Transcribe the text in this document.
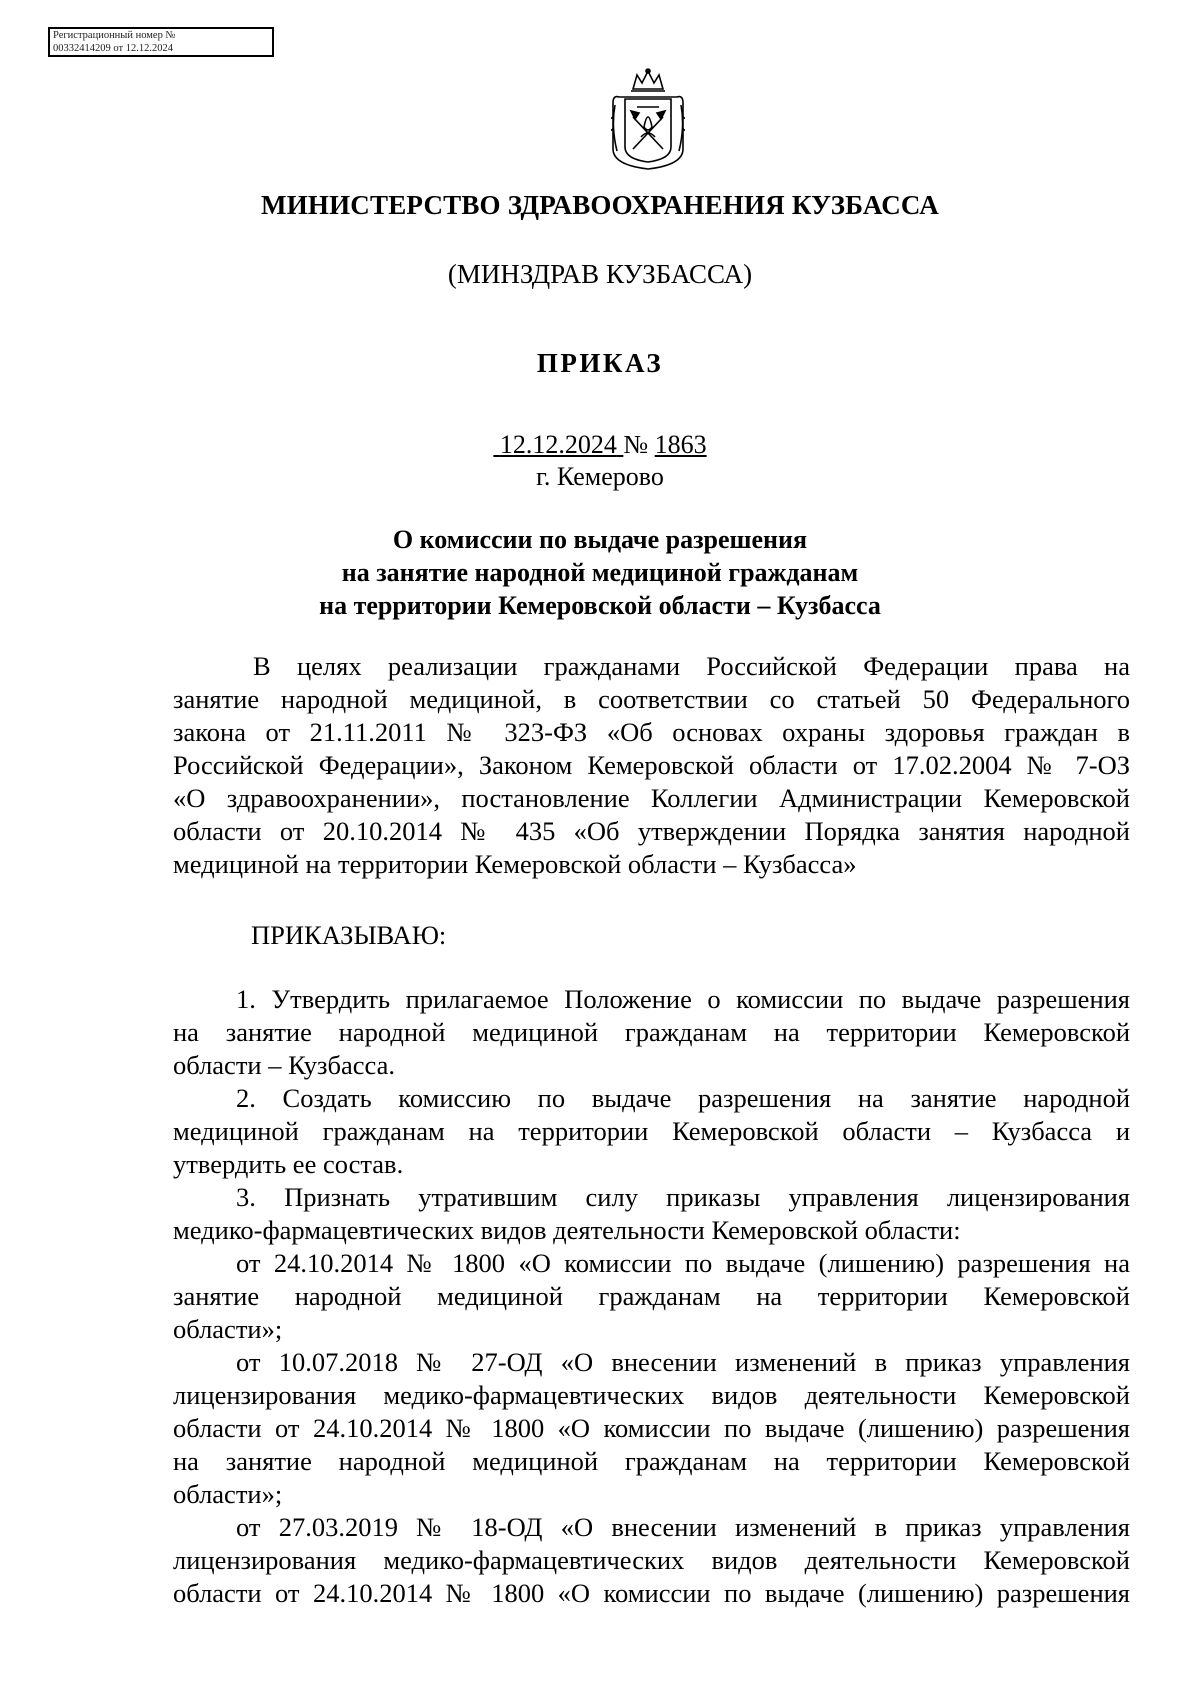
Регистрационный номер №
00332414209 от 12.12.2024
МИНИСТЕРСТВО ЗДРАВООХРАНЕНИЯ КУЗБАССА
(МИНЗДРАВ КУЗБАССА)
ПРИКАЗ
12.12.2024 № 1863
г. Кемерово
О комиссии по выдаче разрешения
на занятие народной медициной гражданам
на территории Кемеровской области – Кузбасса
В целях реализации гражданами Российской Федерации права на
занятие народной медициной, в соответствии со статьей 50 Федерального
закона от 21.11.2011 № 323-ФЗ «Об основах охраны здоровья граждан в
Российской Федерации», Законом Кемеровской области от 17.02.2004 № 7-ОЗ
«О здравоохранении», постановление Коллегии Администрации Кемеровской
области от 20.10.2014 № 435 «Об утверждении Порядка занятия народной
медициной на территории Кемеровской области – Кузбасса»
ПРИКАЗЫВАЮ:
1. Утвердить прилагаемое Положение о комиссии по выдаче разрешения
на занятие народной медициной гражданам на территории Кемеровской
области – Кузбасса.
2. Создать комиссию по выдаче разрешения на занятие народной
медициной гражданам на территории Кемеровской области – Кузбасса и
утвердить ее состав.
3. Признать утратившим силу приказы управления лицензирования
медико-фармацевтических видов деятельности Кемеровской области:
от 24.10.2014 № 1800 «О комиссии по выдаче (лишению) разрешения на
занятие народной медициной гражданам на территории Кемеровской
области»;
от 10.07.2018 № 27-ОД «О внесении изменений в приказ управления
лицензирования медико-фармацевтических видов деятельности Кемеровской
области от 24.10.2014 № 1800 «О комиссии по выдаче (лишению) разрешения
на занятие народной медициной гражданам на территории Кемеровской
области»;
от 27.03.2019 № 18-ОД «О внесении изменений в приказ управления
лицензирования медико-фармацевтических видов деятельности Кемеровской
области от 24.10.2014 № 1800 «О комиссии по выдаче (лишению) разрешения
